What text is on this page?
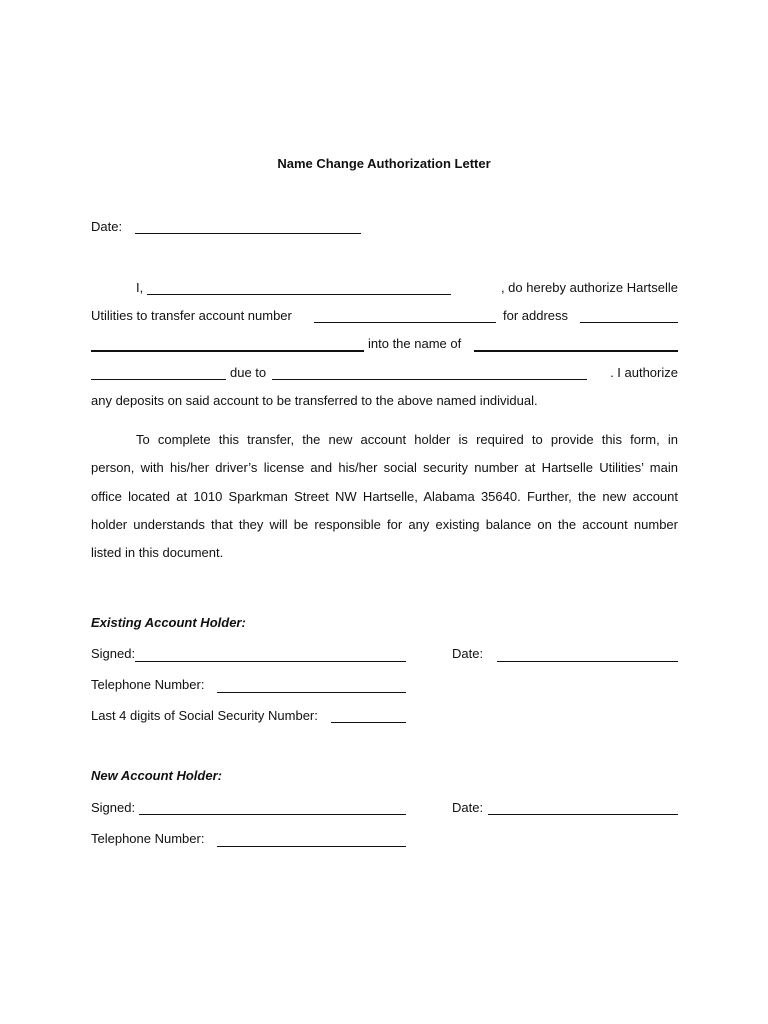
Name Change Authorization Letter
Date:
I,	, do hereby authorize Hartselle
Utilities to transfer account number	for address
into the name of
due to	. I authorize
any deposits on said account to be transferred to the above named individual.
To complete this transfer, the new account holder is required to provide this form, in
person, with his/her driver’s license and his/her social security number at Hartselle Utilities’ main
office located at 1010 Sparkman Street NW Hartselle, Alabama 35640. Further, the new account
holder understands that they will be responsible for any existing balance on the account number
listed in this document.
Existing Account Holder:
Signed:	Date:
Telephone Number:
Last 4 digits of Social Security Number:
New Account Holder:
Signed:	Date:
Telephone Number:
